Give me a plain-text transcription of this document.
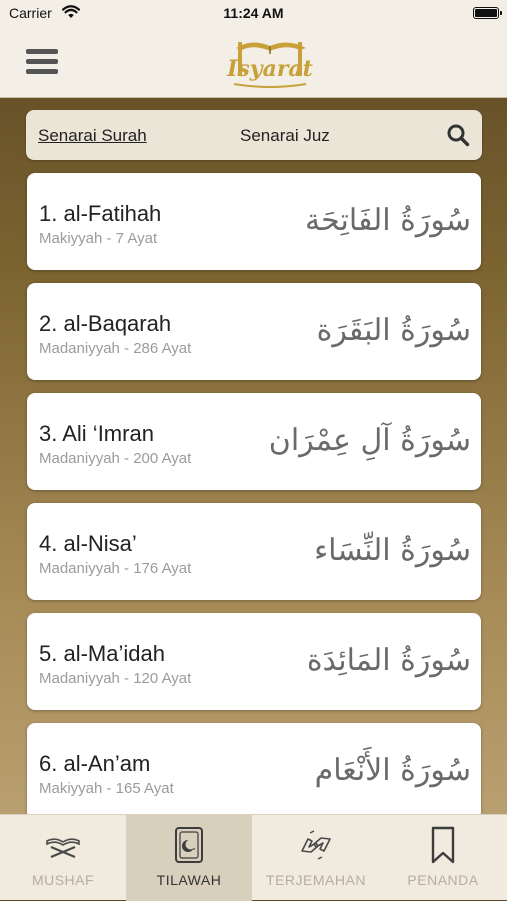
Carrier	11:24 AM
Isyarat
Senarai Surah	Senarai Juz
1. al-Fatihah
Makiyyah - 7 Ayat
سُورَةُ الفَاتِحَة
2. al-Baqarah
Madaniyyah - 286 Ayat
سُورَةُ البَقَرَة
3. Ali ‘Imran
Madaniyyah - 200 Ayat
سُورَةُ آلِ عِمْرَان
4. al-Nisa’
Madaniyyah - 176 Ayat
سُورَةُ النِّسَاء
5. al-Ma’idah
Madaniyyah - 120 Ayat
سُورَةُ المَائِدَة
6. al-An’am
Makiyyah - 165 Ayat
سُورَةُ الأَنْعَام
MUSHAF	TILAWAH	TERJEMAHAN	PENANDA
